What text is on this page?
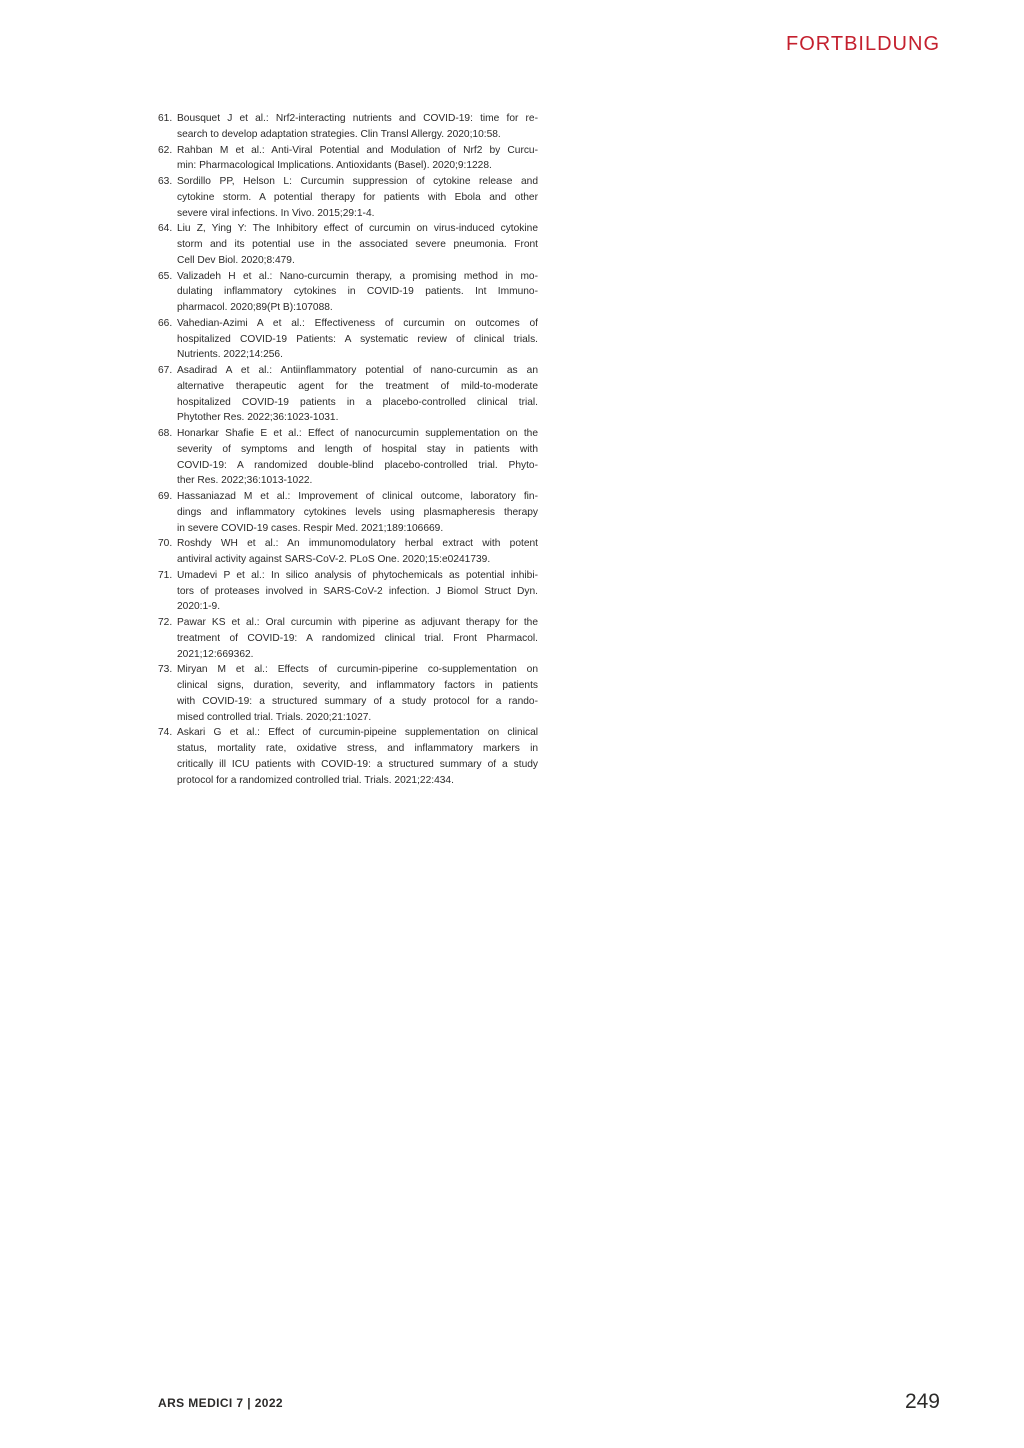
FORTBILDUNG
61. Bousquet J et al.: Nrf2-interacting nutrients and COVID-19: time for re-
search to develop adaptation strategies. Clin Transl Allergy. 2020;10:58.
62. Rahban M et al.: Anti-Viral Potential and Modulation of Nrf2 by Curcu-
min: Pharmacological Implications. Antioxidants (Basel). 2020;9:1228.
63. Sordillo PP, Helson L: Curcumin suppression of cytokine release and
cytokine storm. A potential therapy for patients with Ebola and other
severe viral infections. In Vivo. 2015;29:1-4.
64. Liu Z, Ying Y: The Inhibitory effect of curcumin on virus-induced cytokine
storm and its potential use in the associated severe pneumonia. Front
Cell Dev Biol. 2020;8:479.
65. Valizadeh H et al.: Nano-curcumin therapy, a promising method in mo-
dulating inflammatory cytokines in COVID-19 patients. Int Immuno-
pharmacol. 2020;89(Pt B):107088.
66. Vahedian-Azimi A et al.: Effectiveness of curcumin on outcomes of
hospitalized COVID-19 Patients: A systematic review of clinical trials.
Nutrients. 2022;14:256.
67. Asadirad A et al.: Antiinflammatory potential of nano-curcumin as an
alternative therapeutic agent for the treatment of mild-to-moderate
hospitalized COVID-19 patients in a placebo-controlled clinical trial.
Phytother Res. 2022;36:1023-1031.
68. Honarkar Shafie E et al.: Effect of nanocurcumin supplementation on the
severity of symptoms and length of hospital stay in patients with
COVID-19: A randomized double-blind placebo-controlled trial. Phyto-
ther Res. 2022;36:1013-1022.
69. Hassaniazad M et al.: Improvement of clinical outcome, laboratory fin-
dings and inflammatory cytokines levels using plasmapheresis therapy
in severe COVID-19 cases. Respir Med. 2021;189:106669.
70. Roshdy WH et al.: An immunomodulatory herbal extract with potent
antiviral activity against SARS-CoV-2. PLoS One. 2020;15:e0241739.
71. Umadevi P et al.: In silico analysis of phytochemicals as potential inhibi-
tors of proteases involved in SARS-CoV-2 infection. J Biomol Struct Dyn.
2020:1-9.
72. Pawar KS et al.: Oral curcumin with piperine as adjuvant therapy for the
treatment of COVID-19: A randomized clinical trial. Front Pharmacol.
2021;12:669362.
73. Miryan M et al.: Effects of curcumin-piperine co-supplementation on
clinical signs, duration, severity, and inflammatory factors in patients
with COVID-19: a structured summary of a study protocol for a rando-
mised controlled trial. Trials. 2020;21:1027.
74. Askari G et al.: Effect of curcumin-pipeine supplementation on clinical
status, mortality rate, oxidative stress, and inflammatory markers in
critically ill ICU patients with COVID-19: a structured summary of a study
protocol for a randomized controlled trial. Trials. 2021;22:434.
ARS MEDICI 7 | 2022	249
